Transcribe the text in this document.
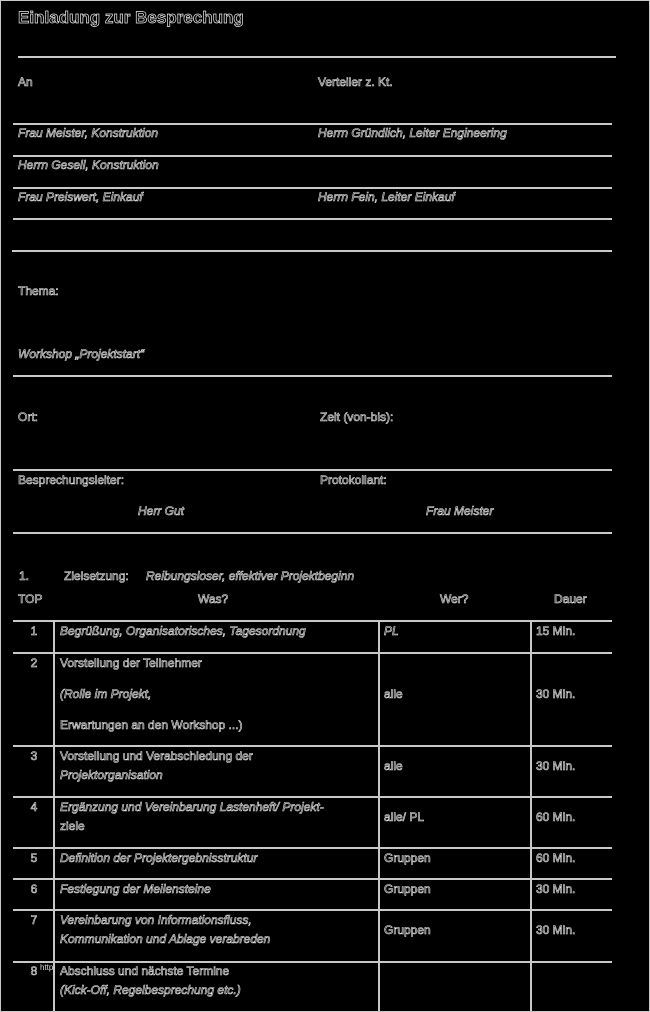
Einladung zur Besprechung
An	Verteiler z. Kt.
Frau Meister, Konstruktion	Herrn Gründlich, Leiter Engineering
Herrn Gesell, Konstruktion
Frau Preiswert, Einkauf	Herrn Fein, Leiter Einkauf
Thema:
Workshop „Projektstart“
Ort:	Zeit (von-bis):
Besprechungsleiter:	Protokollant:
Herr Gut	Frau Meister
1.	Zielsetzung: Reibungsloser, effektiver Projektbeginn
TOP	Was?	Wer?	Dauer
1	Begrüßung, Organisatorisches, Tagesordnung	PL	15 Min.
2	Vorstellung der Teilnehmer
(Rolle im Projekt,
Erwartungen an den Workshop ...)
alle	30 Min.
3	Vorstellung und Verabschiedung der
Projektorganisation
alle	30 Min.
4	Ergänzung und Vereinbarung Lastenheft/ Projekt-
ziele
alle/ PL	60 Min.
5	Definition der Projektergebnisstruktur	Gruppen	60 Min.
6	Festlegung der Meilensteine	Gruppen	30 Min.
7	Vereinbarung von Informationsfluss,
Kommunikation und Ablage verabreden
Gruppen	30 Min.
8 http Abschluss und nächste Termine
(Kick-Off, Regelbesprechung etc.)
